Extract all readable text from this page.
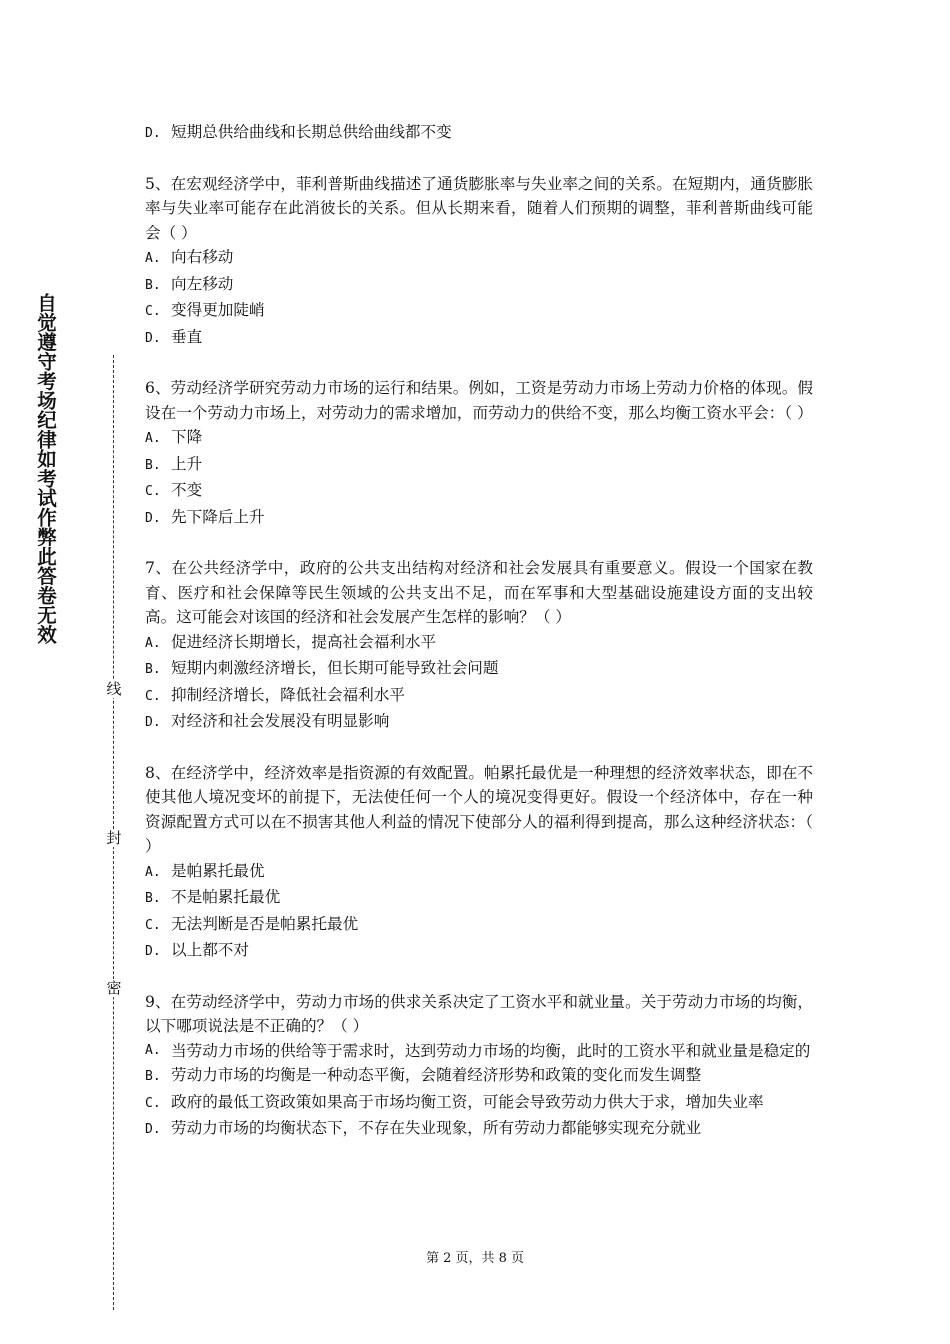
自觉遵守考场纪律如考试作弊此答卷无效
线
封
密

D. 短期总供给曲线和长期总供给曲线都不变

5、在宏观经济学中，菲利普斯曲线描述了通货膨胀率与失业率之间的关系。在短期内，通货膨胀率与失业率可能存在此消彼长的关系。但从长期来看，随着人们预期的调整，菲利普斯曲线可能会（ ）

A. 向右移动

B. 向左移动

C. 变得更加陡峭

D. 垂直

6、劳动经济学研究劳动力市场的运行和结果。例如，工资是劳动力市场上劳动力价格的体现。假设在一个劳动力市场上，对劳动力的需求增加，而劳动力的供给不变，那么均衡工资水平会：（ ）

A. 下降

B. 上升

C. 不变

D. 先下降后上升

7、在公共经济学中，政府的公共支出结构对经济和社会发展具有重要意义。假设一个国家在教育、医疗和社会保障等民生领域的公共支出不足，而在军事和大型基础设施建设方面的支出较高。这可能会对该国的经济和社会发展产生怎样的影响？（ ）

A. 促进经济长期增长，提高社会福利水平

B. 短期内刺激经济增长，但长期可能导致社会问题

C. 抑制经济增长，降低社会福利水平

D. 对经济和社会发展没有明显影响

8、在经济学中，经济效率是指资源的有效配置。帕累托最优是一种理想的经济效率状态，即在不使其他人境况变坏的前提下，无法使任何一个人的境况变得更好。假设一个经济体中，存在一种资源配置方式可以在不损害其他人利益的情况下使部分人的福利得到提高，那么这种经济状态：（ ）

A. 是帕累托最优

B. 不是帕累托最优

C. 无法判断是否是帕累托最优

D. 以上都不对

9、在劳动经济学中，劳动力市场的供求关系决定了工资水平和就业量。关于劳动力市场的均衡，以下哪项说法是不正确的？（ ）

A. 当劳动力市场的供给等于需求时，达到劳动力市场的均衡，此时的工资水平和就业量是稳定的

B. 劳动力市场的均衡是一种动态平衡，会随着经济形势和政策的变化而发生调整

C. 政府的最低工资政策如果高于市场均衡工资，可能会导致劳动力供大于求，增加失业率

D. 劳动力市场的均衡状态下，不存在失业现象，所有劳动力都能够实现充分就业

第 2 页，共 8 页
